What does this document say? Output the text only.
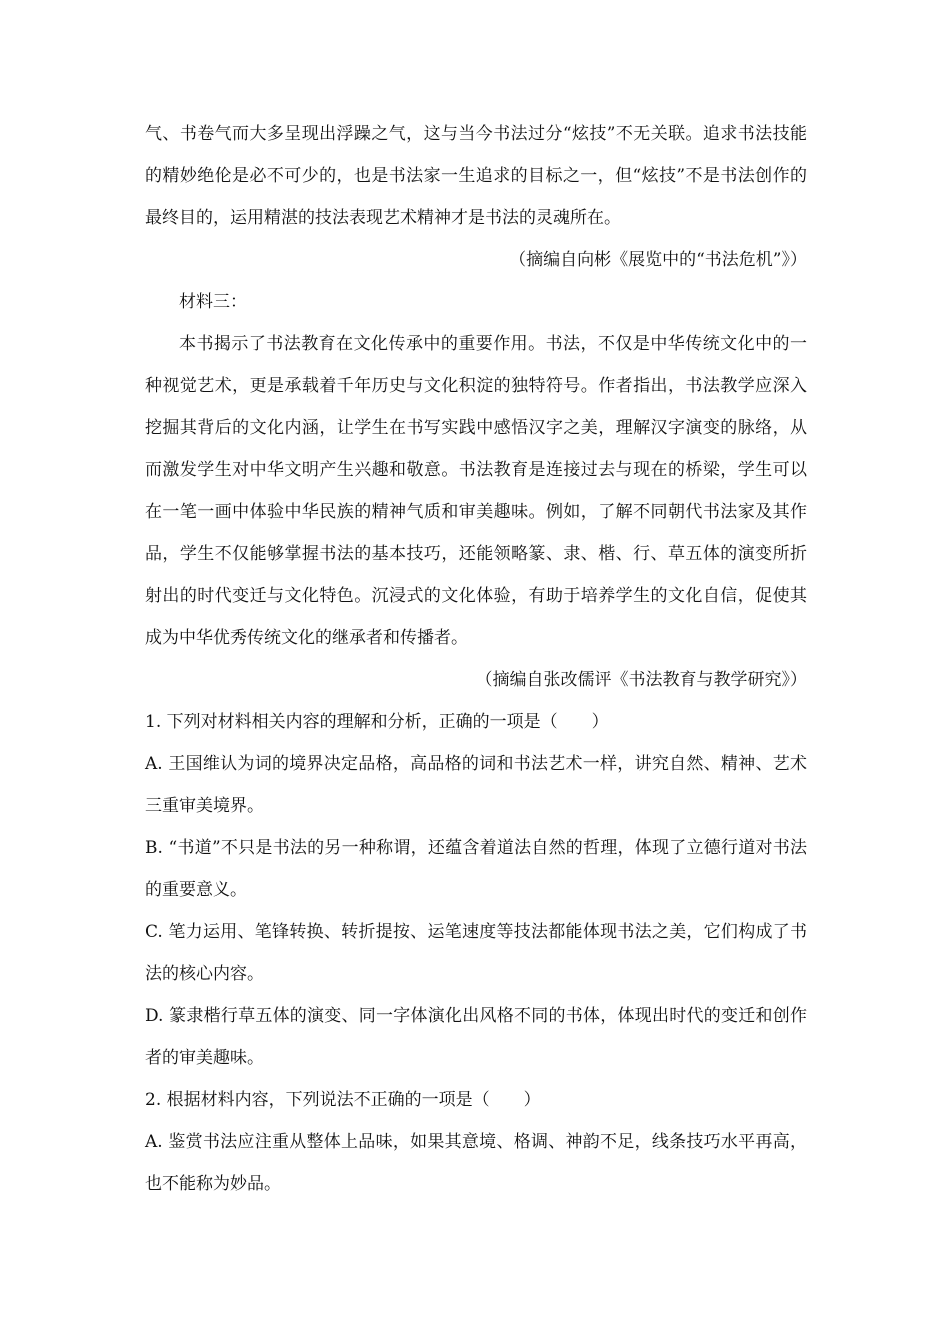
气、书卷气而大多呈现出浮躁之气，这与当今书法过分“炫技”不无关联。追求书法技能的精妙绝伦是必不可少的，也是书法家一生追求的目标之一，但“炫技”不是书法创作的最终目的，运用精湛的技法表现艺术精神才是书法的灵魂所在。

（摘编自向彬《展览中的“书法危机”》）

材料三：

本书揭示了书法教育在文化传承中的重要作用。书法，不仅是中华传统文化中的一种视觉艺术，更是承载着千年历史与文化积淀的独特符号。作者指出，书法教学应深入挖掘其背后的文化内涵，让学生在书写实践中感悟汉字之美，理解汉字演变的脉络，从而激发学生对中华文明产生兴趣和敬意。书法教育是连接过去与现在的桥梁，学生可以在一笔一画中体验中华民族的精神气质和审美趣味。例如，了解不同朝代书法家及其作品，学生不仅能够掌握书法的基本技巧，还能领略篆、隶、楷、行、草五体的演变所折射出的时代变迁与文化特色。沉浸式的文化体验，有助于培养学生的文化自信，促使其成为中华优秀传统文化的继承者和传播者。

（摘编自张改儒评《书法教育与教学研究》）

1. 下列对材料相关内容的理解和分析，正确的一项是（　　）

A. 王国维认为词的境界决定品格，高品格的词和书法艺术一样，讲究自然、精神、艺术三重审美境界。

B. “书道”不只是书法的另一种称谓，还蕴含着道法自然的哲理，体现了立德行道对书法的重要意义。

C. 笔力运用、笔锋转换、转折提按、运笔速度等技法都能体现书法之美，它们构成了书法的核心内容。

D. 篆隶楷行草五体的演变、同一字体演化出风格不同的书体，体现出时代的变迁和创作者的审美趣味。

2. 根据材料内容，下列说法不正确的一项是（　　）

A. 鉴赏书法应注重从整体上品味，如果其意境、格调、神韵不足，线条技巧水平再高，也不能称为妙品。
